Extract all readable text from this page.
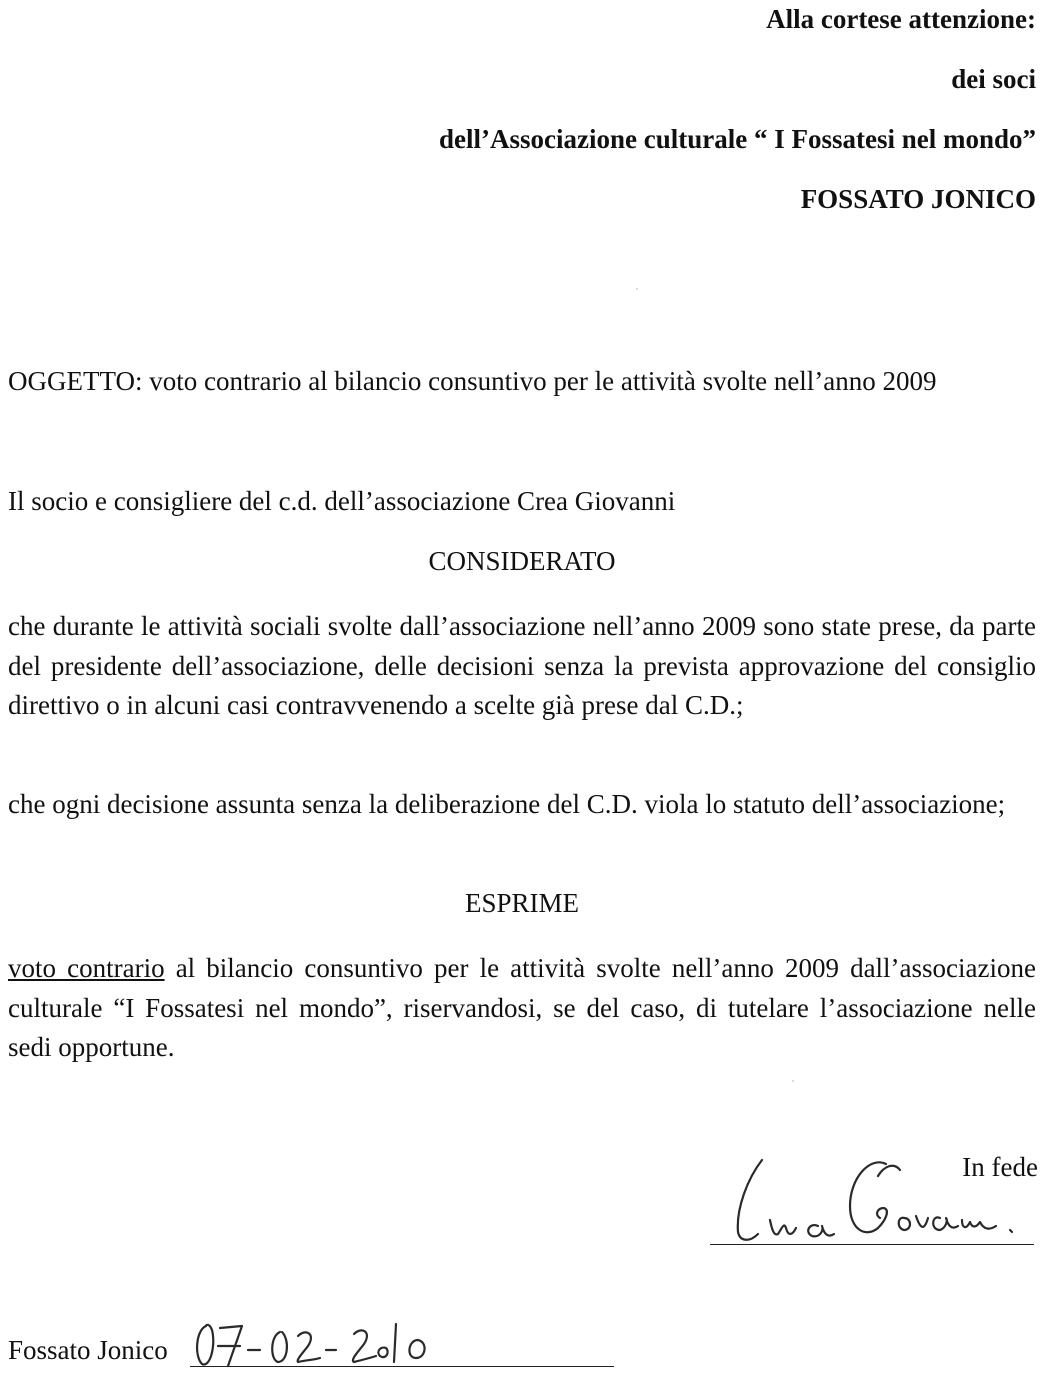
Alla cortese attenzione:
dei soci
dell’Associazione culturale “ I Fossatesi nel mondo”
FOSSATO JONICO
OGGETTO: voto contrario al bilancio consuntivo per le attività svolte nell’anno 2009
Il socio e consigliere del c.d. dell’associazione Crea Giovanni
CONSIDERATO
che durante le attività sociali svolte dall’associazione nell’anno 2009 sono state prese, da parte del presidente dell’associazione, delle decisioni senza la prevista approvazione del consiglio direttivo o in alcuni casi contravvenendo a scelte già prese dal C.D.;
che ogni decisione assunta senza la deliberazione del C.D. viola lo statuto dell’associazione;
ESPRIME
voto contrario al bilancio consuntivo per le attività svolte nell’anno 2009 dall’associazione culturale “I Fossatesi nel mondo”, riservandosi, se del caso, di tutelare l’associazione nelle sedi opportune.
In fede
Fossato Jonico
